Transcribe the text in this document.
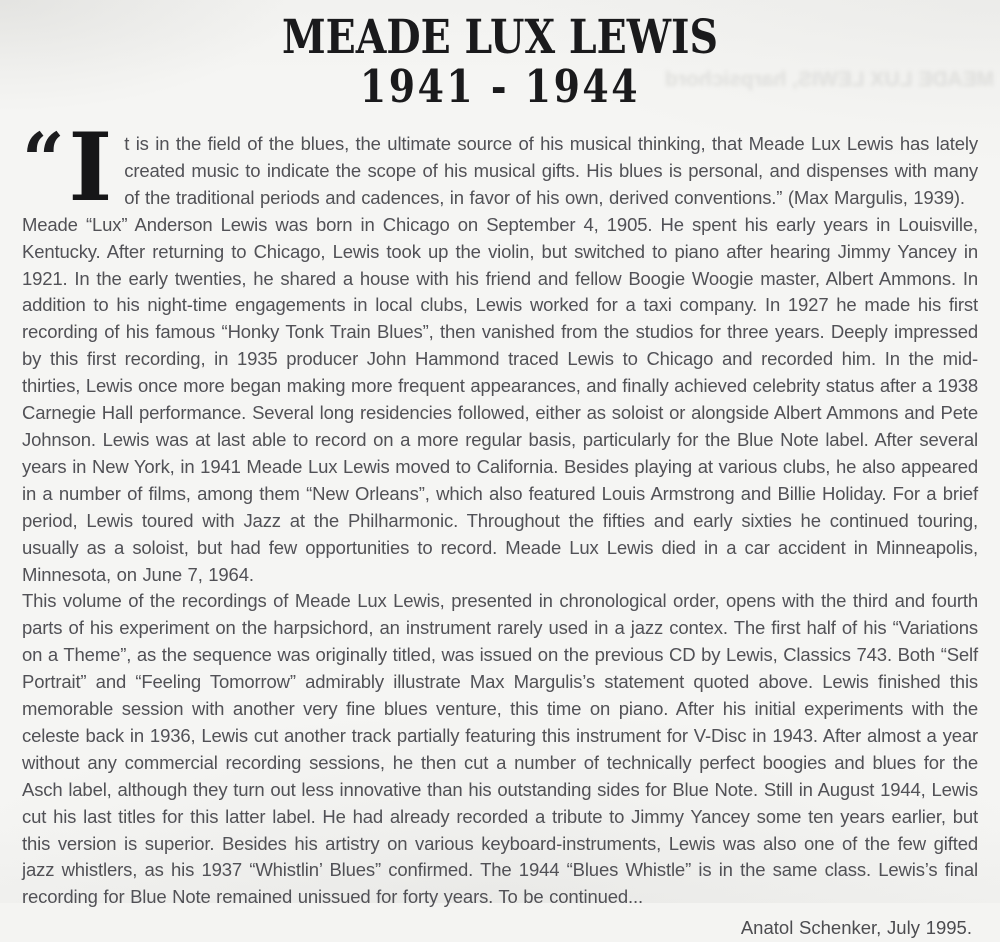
MEADE LUX LEWIS, harpsichord
MEADE LUX LEWIS
1941 - 1944

“ I t is in the field of the blues, the ultimate source of his musical thinking, that Meade Lux Lewis has lately created music to indicate the scope of his musical gifts. His blues is personal, and dispenses with many of the traditional periods and cadences, in favor of his own, derived conventions.” (Max Margulis, 1939).

Meade “Lux” Anderson Lewis was born in Chicago on September 4, 1905. He spent his early years in Louisville, Kentucky. After returning to Chicago, Lewis took up the violin, but switched to piano after hearing Jimmy Yancey in 1921. In the early twenties, he shared a house with his friend and fellow Boogie Woogie master, Albert Ammons. In addition to his night-time engagements in local clubs, Lewis worked for a taxi company. In 1927 he made his first recording of his famous “Honky Tonk Train Blues”, then vanished from the studios for three years. Deeply impressed by this first recording, in 1935 producer John Hammond traced Lewis to Chicago and recorded him. In the mid-thirties, Lewis once more began making more frequent appearances, and finally achieved celebrity status after a 1938 Carnegie Hall performance. Several long residencies followed, either as soloist or alongside Albert Ammons and Pete Johnson. Lewis was at last able to record on a more regular basis, particularly for the Blue Note label. After several years in New York, in 1941 Meade Lux Lewis moved to California. Besides playing at various clubs, he also appeared in a number of films, among them “New Orleans”, which also featured Louis Armstrong and Billie Holiday. For a brief period, Lewis toured with Jazz at the Philharmonic. Throughout the fifties and early sixties he continued touring, usually as a soloist, but had few opportunities to record. Meade Lux Lewis died in a car accident in Minneapolis, Minnesota, on June 7, 1964.

This volume of the recordings of Meade Lux Lewis, presented in chronological order, opens with the third and fourth parts of his experiment on the harpsichord, an instrument rarely used in a jazz contex. The first half of his “Variations on a Theme”, as the sequence was originally titled, was issued on the previous CD by Lewis, Classics 743. Both “Self Portrait” and “Feeling Tomorrow” admirably illustrate Max Margulis’s statement quoted above. Lewis finished this memorable session with another very fine blues venture, this time on piano. After his initial experiments with the celeste back in 1936, Lewis cut another track partially featuring this instrument for V-Disc in 1943. After almost a year without any commercial recording sessions, he then cut a number of technically perfect boogies and blues for the Asch label, although they turn out less innovative than his outstanding sides for Blue Note. Still in August 1944, Lewis cut his last titles for this latter label. He had already recorded a tribute to Jimmy Yancey some ten years earlier, but this version is superior. Besides his artistry on various keyboard-instruments, Lewis was also one of the few gifted jazz whistlers, as his 1937 “Whistlin’ Blues” confirmed. The 1944 “Blues Whistle” is in the same class. Lewis’s final recording for Blue Note remained unissued for forty years. To be continued...

Anatol Schenker, July 1995.
